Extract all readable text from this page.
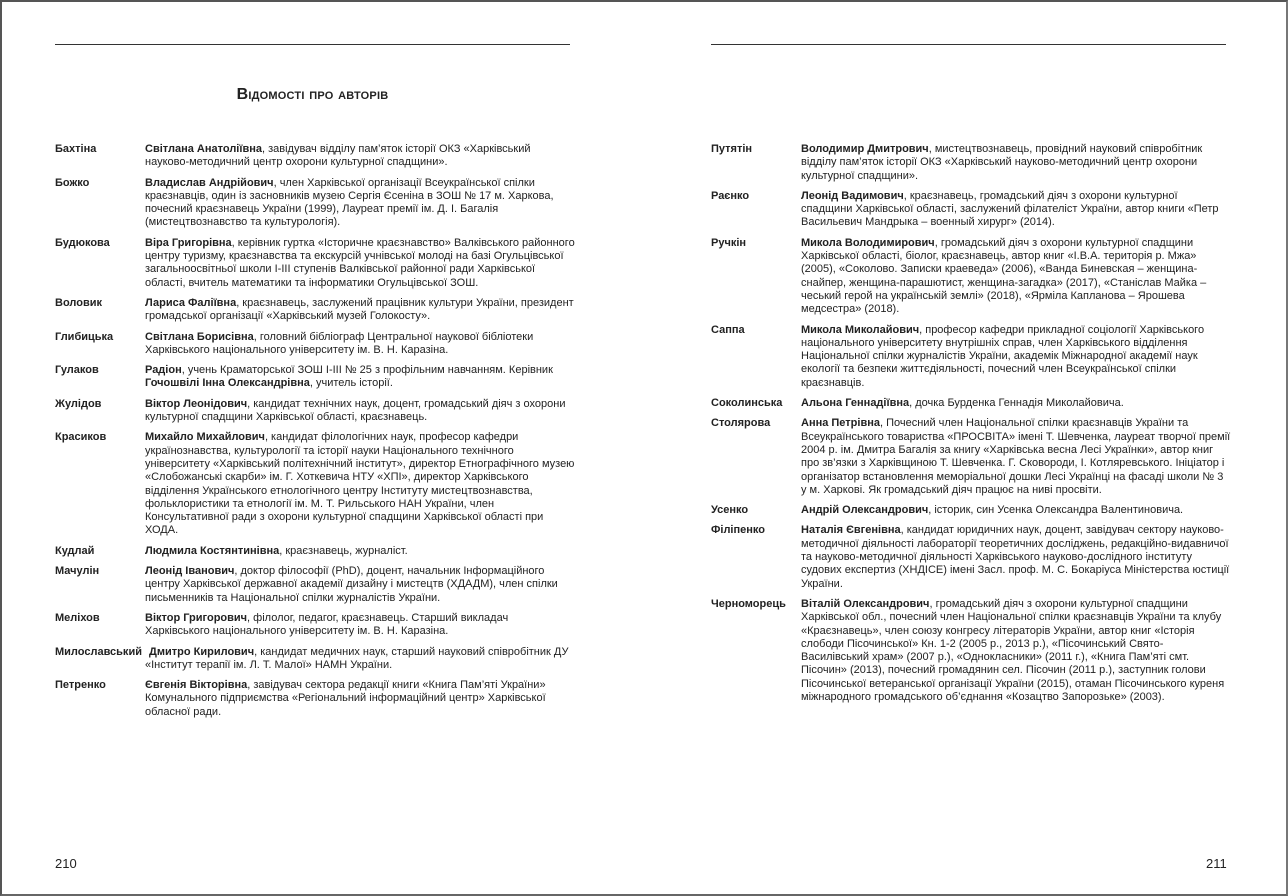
Відомості про авторів
Бахтіна	Світлана Анатоліївна, завідувач відділу пам’яток історії ОКЗ «Харківський науково-методичний центр охорони культурної спадщини».
Божко	Владислав Андрійович, член Харківської організації Всеукраїнської спілки краєзнавців, один із засновників музею Сергія Єсеніна в ЗОШ № 17 м. Харкова, почесний краєзнавець України (1999), Лауреат премії ім. Д. І. Багалія (мистецтвознавство та культурологія).
Будюкова	Віра Григорівна, керівник гуртка «Історичне краєзнавство» Валківського районного центру туризму, краєзнавства та екскурсій учнівської молоді на базі Огульцівської загальноосвітньої школи І-ІІІ ступенів Валківської районної ради Харківської області, вчитель математики та інформатики Огульцівської ЗОШ.
Воловик	Лариса Фаліївна, краєзнавець, заслужений працівник культури України, президент громадської організації «Харківський музей Голокосту».
Глибицька	Світлана Борисівна, головний бібліограф Центральної наукової бібліотеки Харківського національного університету ім. В. Н. Каразіна.
Гулаков	Радіон, учень Краматорської ЗОШ І-ІІІ № 25 з профільним навчанням. Керівник Гочошвілі Інна Олександрівна, учитель історії.
Жулідов	Віктор Леонідович, кандидат технічних наук, доцент, громадський діяч з охорони культурної спадщини Харківської області, краєзнавець.
Красиков	Михайло Михайлович, кандидат філологічних наук, професор кафедри українознавства, культурології та історії науки Національного технічного університету «Харківський політехнічний інститут», директор Етнографічного музею «Слобожанські скарби» ім. Г. Хоткевича НТУ «ХПІ», директор Харківського відділення Українського етнологічного центру Інституту мистецтвознавства, фольклористики та етнології ім. М. Т. Рильського НАН України, член Консультативної ради з охорони культурної спадщини Харківської області при ХОДА.
Кудлай	Людмила Костянтинівна, краєзнавець, журналіст.
Мачулін	Леонід Іванович, доктор філософії (PhD), доцент, начальник Інформаційного центру Харківської державної академії дизайну і мистецтв (ХДАДМ), член спілки письменників та Національної спілки журналістів України.
Меліхов	Віктор Григорович, філолог, педагог, краєзнавець. Старший викладач Харківського національного університету ім. В. Н. Каразіна.
Милославський Дмитро Кирилович, кандидат медичних наук, старший науковий співробітник ДУ «Інститут терапії ім. Л. Т. Малої» НАМН України.
Петренко	Євгенія Вікторівна, завідувач сектора редакції книги «Книга Пам’яті України» Комунального підприємства «Регіональний інформаційний центр» Харківської обласної ради.
Путятін	Володимир Дмитрович, мистецтвознавець, провідний науковий співробітник відділу пам’яток історії ОКЗ «Харківський науково-методичний центр охорони культурної спадщини».
Раєнко	Леонід Вадимович, краєзнавець, громадський діяч з охорони культурної спадщини Харківської області, заслужений філателіст України, автор книги «Петр Васильевич Мандрыка – военный хирург» (2014).
Ручкін	Микола Володимирович, громадський діяч з охорони культурної спадщини Харківської області, біолог, краєзнавець, автор книг «І.В.А. територія р. Мжа» (2005), «Соколово. Записки краеведа» (2006), «Ванда Биневская – женщина-снайпер, женщина-парашютист, женщина-загадка» (2017), «Станіслав Майка – чеський герой на українській землі» (2018), «Ярміла Капланова – Ярошева медсестра» (2018).
Саппа	Микола Миколайович, професор кафедри прикладної соціології Харківського національного університету внутрішніх справ, член Харківського відділення Національної спілки журналістів України, академік Міжнародної академії наук екології та безпеки життєдіяльності, почесний член Всеукраїнської спілки краєзнавців.
Соколинська	Альона Геннадіївна, дочка Бурденка Геннадія Миколайовича.
Столярова	Анна Петрівна, Почесний член Національної спілки краєзнавців України та Всеукраїнського товариства «ПРОСВІТА» імені Т. Шевченка, лауреат творчої премії 2004 р. ім. Дмитра Багалія за книгу «Харківська весна Лесі Українки», автор книг про зв’язки з Харківщиною Т. Шевченка. Г. Сковороди, І. Котляревського. Ініціатор і організатор встановлення меморіальної дошки Лесі Українці на фасаді школи № 3 у м. Харкові. Як громадський діяч працює на ниві просвіти.
Усенко	Андрій Олександрович, історик, син Усенка Олександра Валентиновича.
Філіпенко	Наталія Євгенівна, кандидат юридичних наук, доцент, завідувач сектору науково-методичної діяльності лабораторії теоретичних досліджень, редакційно-видавничої та науково-методичної діяльності Харківського науково-дослідного інституту судових експертиз (ХНДІСЕ) імені Засл. проф. М. С. Бокаріуса Міністерства юстиції України.
Черноморець	Віталій Олександрович, громадський діяч з охорони культурної спадщини Харківської обл., почесний член Національної спілки краєзнавців України та клубу «Краєзнавець», член союзу конгресу літераторів України, автор книг «Історія слободи Пісочинської» Кн. 1-2 (2005 р., 2013 р.), «Пісочинський Свято-Василівський храм» (2007 р.), «Однокласники» (2011 г.), «Книга Пам’яті смт. Пісочин» (2013), почесний громадянин сел. Пісочин (2011 р.), заступник голови Пісочинської ветеранської організації України (2015), отаман Пісочинського куреня міжнародного громадського об’єднання «Козацтво Запорозьке» (2003).
210	211
